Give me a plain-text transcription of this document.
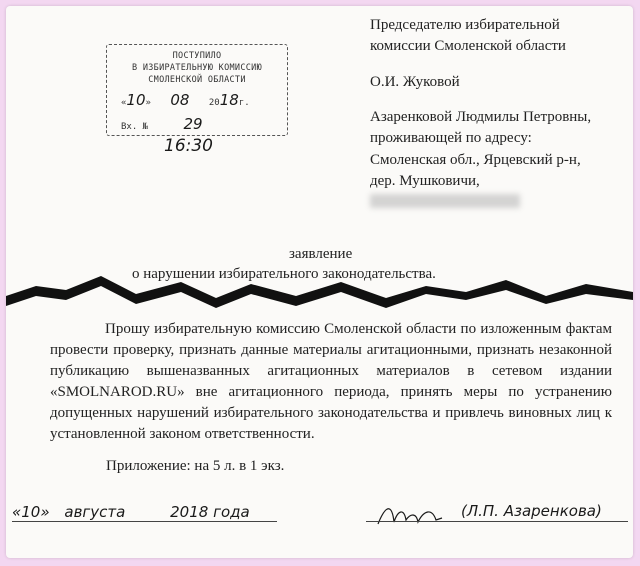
ПОСТУПИЛО
В ИЗБИРАТЕЛЬНУЮ КОМИССИЮ
СМОЛЕНСКОЙ ОБЛАСТИ
«10» 08 2018г.
Вх. № 29
16:30
Председателю избирательной
комиссии Смоленской области
О.И. Жуковой
Азаренковой Людмилы Петровны,
проживающей по адресу:
Смоленская обл., Ярцевский р-н,
дер. Мушковичи,
заявление
о нарушении избирательного законодательства.
Прошу избирательную комиссию Смоленской области по изложенным фактам провести проверку, признать данные материалы агитационными, признать незаконной публикацию вышеназванных агитационных материалов в сетевом издании «SMOLNAROD.RU» вне агитационного периода, принять меры по устранению допущенных нарушений избирательного законодательства и привлечь виновных лиц к установленной законом ответственности.
Приложение: на 5 л. в 1 экз.
«10» августа	2018 года	(Л.П. Азаренкова)
